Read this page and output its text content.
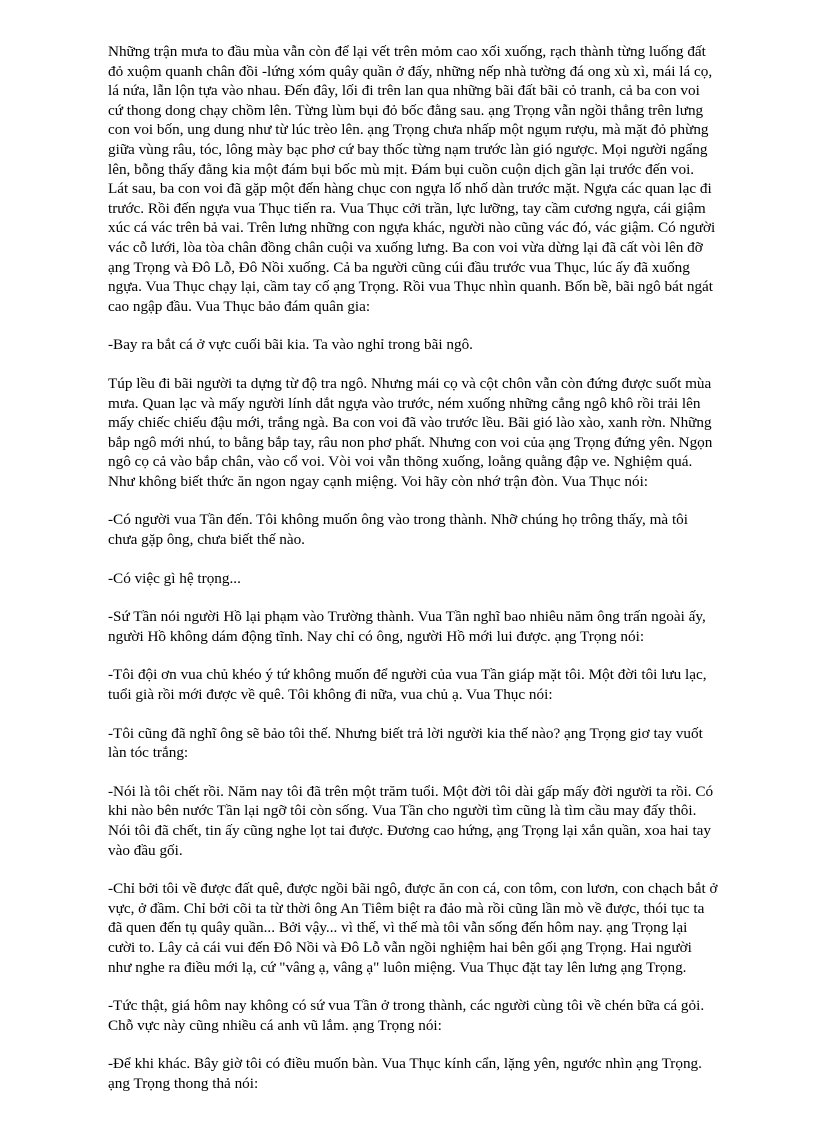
Những trận mưa to đầu mùa vẫn còn để lại vết trên mỏm cao xối xuống, rạch thành từng luống đất đỏ xuộm quanh chân đồi -lứng xóm quây quần ở đấy, những nếp nhà tường đá ong xù xì, mái lá cọ, lá nứa, lẫn lộn tựa vào nhau. Đến đây, lối đi trên lan qua những bãi đất bãi cỏ tranh, cả ba con voi cứ thong dong chạy chồm lên. Từng lùm bụi đỏ bốc đằng sau. ạng Trọng vẫn ngồi thẳng trên lưng con voi bốn, ung dung như từ lúc trèo lên. ạng Trọng chưa nhấp một ngụm rượu, mà mặt đỏ phừng giữa vùng râu, tóc, lông mày bạc phơ cứ bay thốc từng nạm trước làn gió ngược. Mọi người ngẩng lên, bỗng thấy đằng kia một đám bụi bốc mù mịt. Đám bụi cuồn cuộn dịch gần lại trước đến voi. Lát sau, ba con voi đã gặp một đến hàng chục con ngựa lố nhố dàn trước mặt. Ngựa các quan lạc đi trước. Rồi đến ngựa vua Thục tiến ra. Vua Thục cởi trần, lực lưỡng, tay cầm cương ngựa, cái giậm xúc cá vác trên bả vai. Trên lưng những con ngựa khác, người nào cũng vác đó, vác giậm. Có người vác cỗ lưới, lòa tòa chân đồng chân cuội va xuống lưng. Ba con voi vừa dừng lại đã cất vòi lên đỡ ạng Trọng và Đô Lỗ, Đô Nồi xuống. Cả ba người cũng cúi đầu trước vua Thục, lúc ấy đã xuống ngựa. Vua Thục chạy lại, cầm tay cố ạng Trọng. Rồi vua Thục nhìn quanh. Bốn bề, bãi ngô bát ngát cao ngập đầu. Vua Thục bảo đám quân gia:

-Bay ra bắt cá ở vực cuối bãi kia. Ta vào nghỉ trong bãi ngô.

Túp lều đi bãi người ta dựng từ độ tra ngô. Nhưng mái cọ và cột chôn vẫn còn đứng được suốt mùa mưa. Quan lạc và mấy người lính dắt ngựa vào trước, ném xuống những cẳng ngô khô rồi trải lên mấy chiếc chiếu đậu mới, trắng ngà. Ba con voi đã vào trước lều. Bãi gió lào xào, xanh rờn. Những bắp ngô mới nhú, to bằng bắp tay, râu non phơ phất. Nhưng con voi của ạng Trọng đứng yên. Ngọn ngô cọ cả vào bắp chân, vào cổ voi. Vòi voi vẫn thõng xuống, loằng quằng đập ve. Nghiệm quá. Như không biết thức ăn ngon ngay cạnh miệng. Voi hãy còn nhớ trận đòn. Vua Thục nói:

-Có người vua Tần đến. Tôi không muốn ông vào trong thành. Nhỡ chúng họ trông thấy, mà tôi chưa gặp ông, chưa biết thế nào.

-Có việc gì hệ trọng...

-Sứ Tần nói người Hồ lại phạm vào Trường thành. Vua Tần nghĩ bao nhiêu năm ông trấn ngoài ấy, người Hồ không dám động tĩnh. Nay chỉ có ông, người Hồ mới lui được. ạng Trọng nói:

-Tôi đội ơn vua chủ khéo ý tứ không muốn để người của vua Tần giáp mặt tôi. Một đời tôi lưu lạc, tuổi già rồi mới được về quê. Tôi không đi nữa, vua chủ ạ. Vua Thục nói:

-Tôi cũng đã nghĩ ông sẽ bảo tôi thế. Nhưng biết trả lời người kia thế nào? ạng Trọng giơ tay vuốt làn tóc trắng:

-Nói là tôi chết rồi. Năm nay tôi đã trên một trăm tuổi. Một đời tôi dài gấp mấy đời người ta rồi. Có khi nào bên nước Tần lại ngỡ tôi còn sống. Vua Tần cho người tìm cũng là tìm cầu may đấy thôi. Nói tôi đã chết, tin ấy cũng nghe lọt tai được. Đương cao hứng, ạng Trọng lại xắn quần, xoa hai tay vào đầu gối.

-Chỉ bởi tôi về được đất quê, được ngồi bãi ngô, được ăn con cá, con tôm, con lươn, con chạch bắt ở vực, ở đầm. Chỉ bởi cõi ta từ thời ông An Tiêm biệt ra đảo mà rồi cũng lần mò về được, thói tục ta đã quen đến tụ quây quần... Bởi vậy... vì thế, vì thế mà tôi vẫn sống đến hôm nay. ạng Trọng lại cười to. Lây cả cái vui đến Đô Nồi và Đô Lỗ vẫn ngồi nghiệm hai bên gối ạng Trọng. Hai người như nghe ra điều mới lạ, cứ "vâng ạ, vâng ạ" luôn miệng. Vua Thục đặt tay lên lưng ạng Trọng.

-Tức thật, giá hôm nay không có sứ vua Tần ở trong thành, các người cùng tôi về chén bữa cá gỏi. Chỗ vực này cũng nhiều cá anh vũ lắm. ạng Trọng nói:

-Để khi khác. Bây giờ tôi có điều muốn bàn. Vua Thục kính cẩn, lặng yên, ngước nhìn ạng Trọng. ạng Trọng thong thả nói:
